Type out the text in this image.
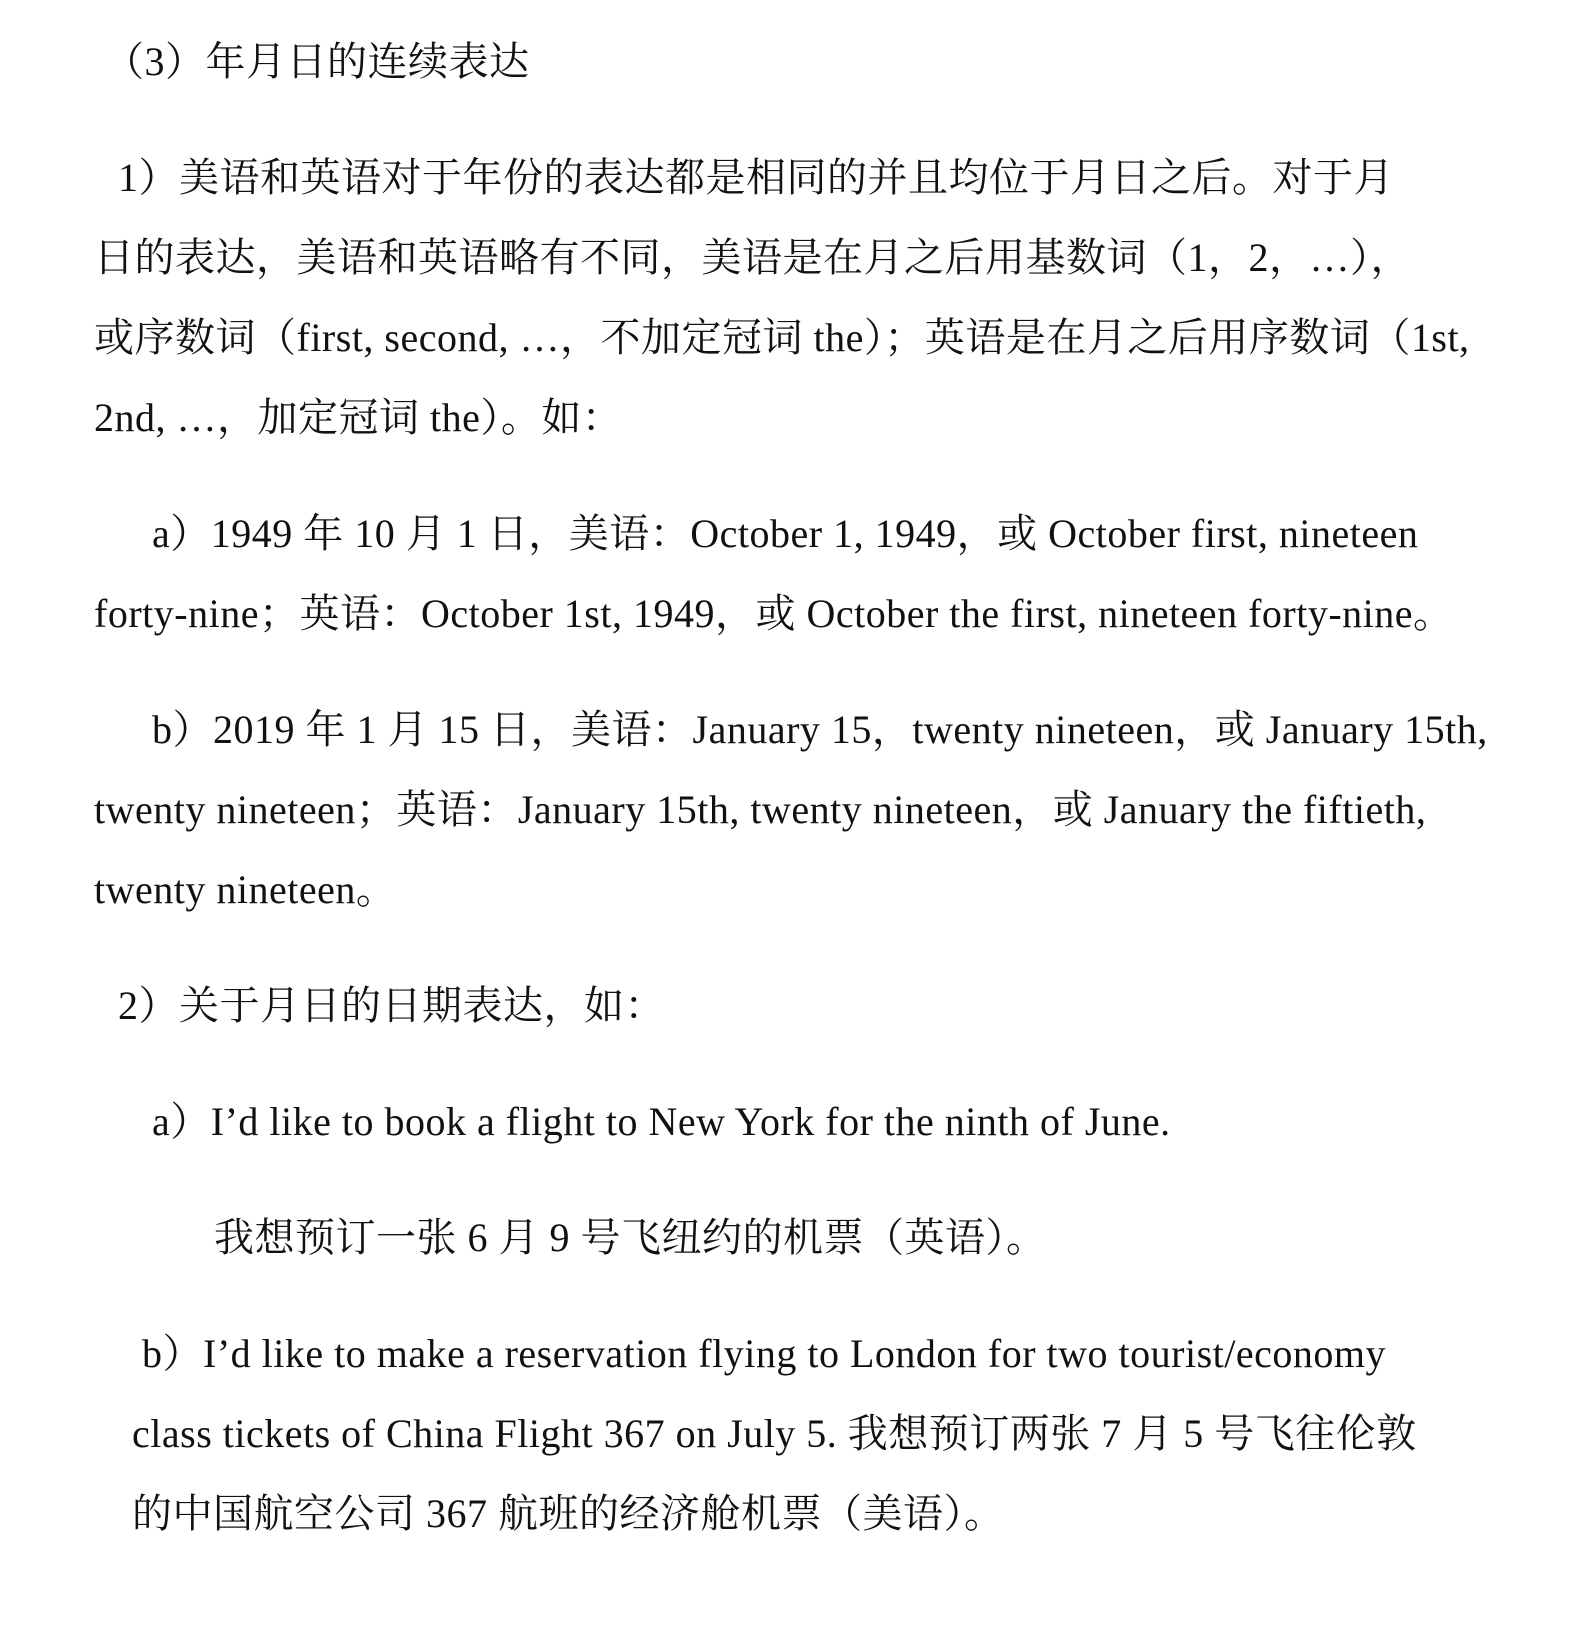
（3）年月日的连续表达
1）美语和英语对于年份的表达都是相同的并且均位于月日之后。对于月
日的表达，美语和英语略有不同，美语是在月之后用基数词（1，2，…），
或序数词（first, second, …，不加定冠词 the）；英语是在月之后用序数词（1st,
2nd, …，加定冠词 the）。如：
a）1949 年 10 月 1 日，美语：October 1, 1949，或 October first, nineteen
forty-nine；英语：October 1st, 1949，或 October the first, nineteen forty-nine。
b）2019 年 1 月 15 日，美语：January 15，twenty nineteen，或 January 15th,
twenty nineteen；英语：January 15th, twenty nineteen，或 January the fiftieth,
twenty nineteen。
2）关于月日的日期表达，如：
a）I’d like to book a flight to New York for the ninth of June.
我想预订一张 6 月 9 号飞纽约的机票（英语）。
b）I’d like to make a reservation flying to London for two tourist/economy
class tickets of China Flight 367 on July 5. 我想预订两张 7 月 5 号飞往伦敦
的中国航空公司 367 航班的经济舱机票（美语）。
